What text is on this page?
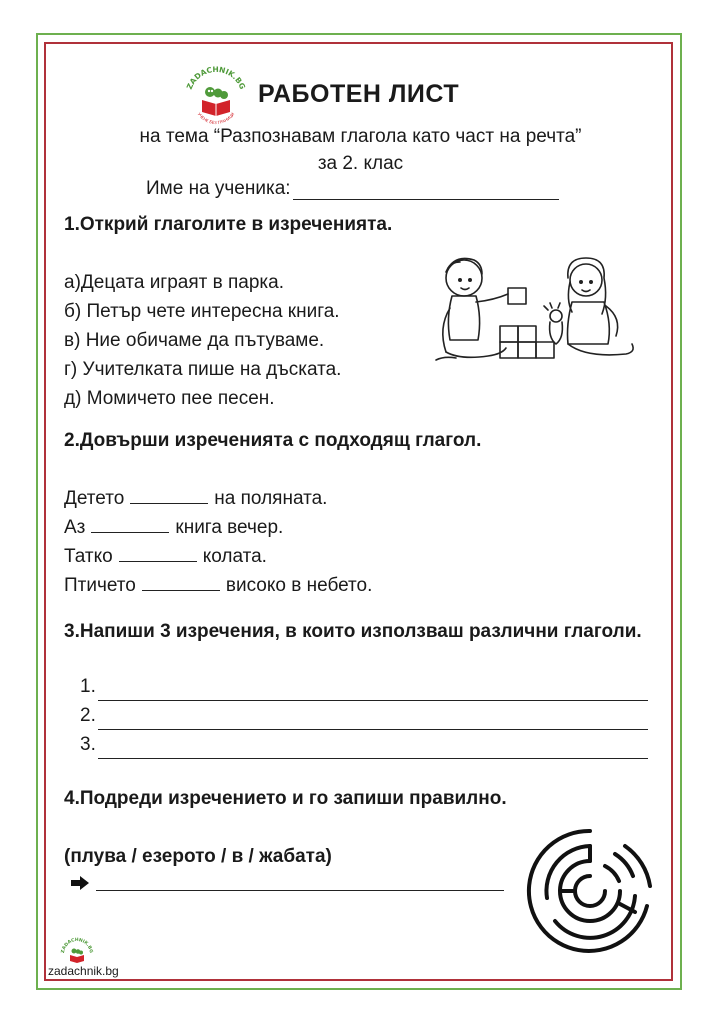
ZADACHNIK.BG
УЧЕНЕ БЕЗ ГРАНИЦИ
РАБОТЕН ЛИСТ
на тема “Разпознавам глагола като част на речта”
за 2. клас
Име на ученика:
1.Открий глаголите в изреченията.
а)Децата играят в парка.
б) Петър чете интересна книга.
в) Ние обичаме да пътуваме.
г) Учителката пише на дъската.
д) Момичето пее песен.
2.Довърши изреченията с подходящ глагол.
Детето	на поляната.
Аз	книга вечер.
Татко	колата.
Птичето	високо в небето.
3.Напиши 3 изречения, в които използваш различни глаголи.
1.
2.
3.
4.Подреди изречението и го запиши правилно.
(плува / езерото / в / жабата)
ZADACHNIK.BG
zadachnik.bg
